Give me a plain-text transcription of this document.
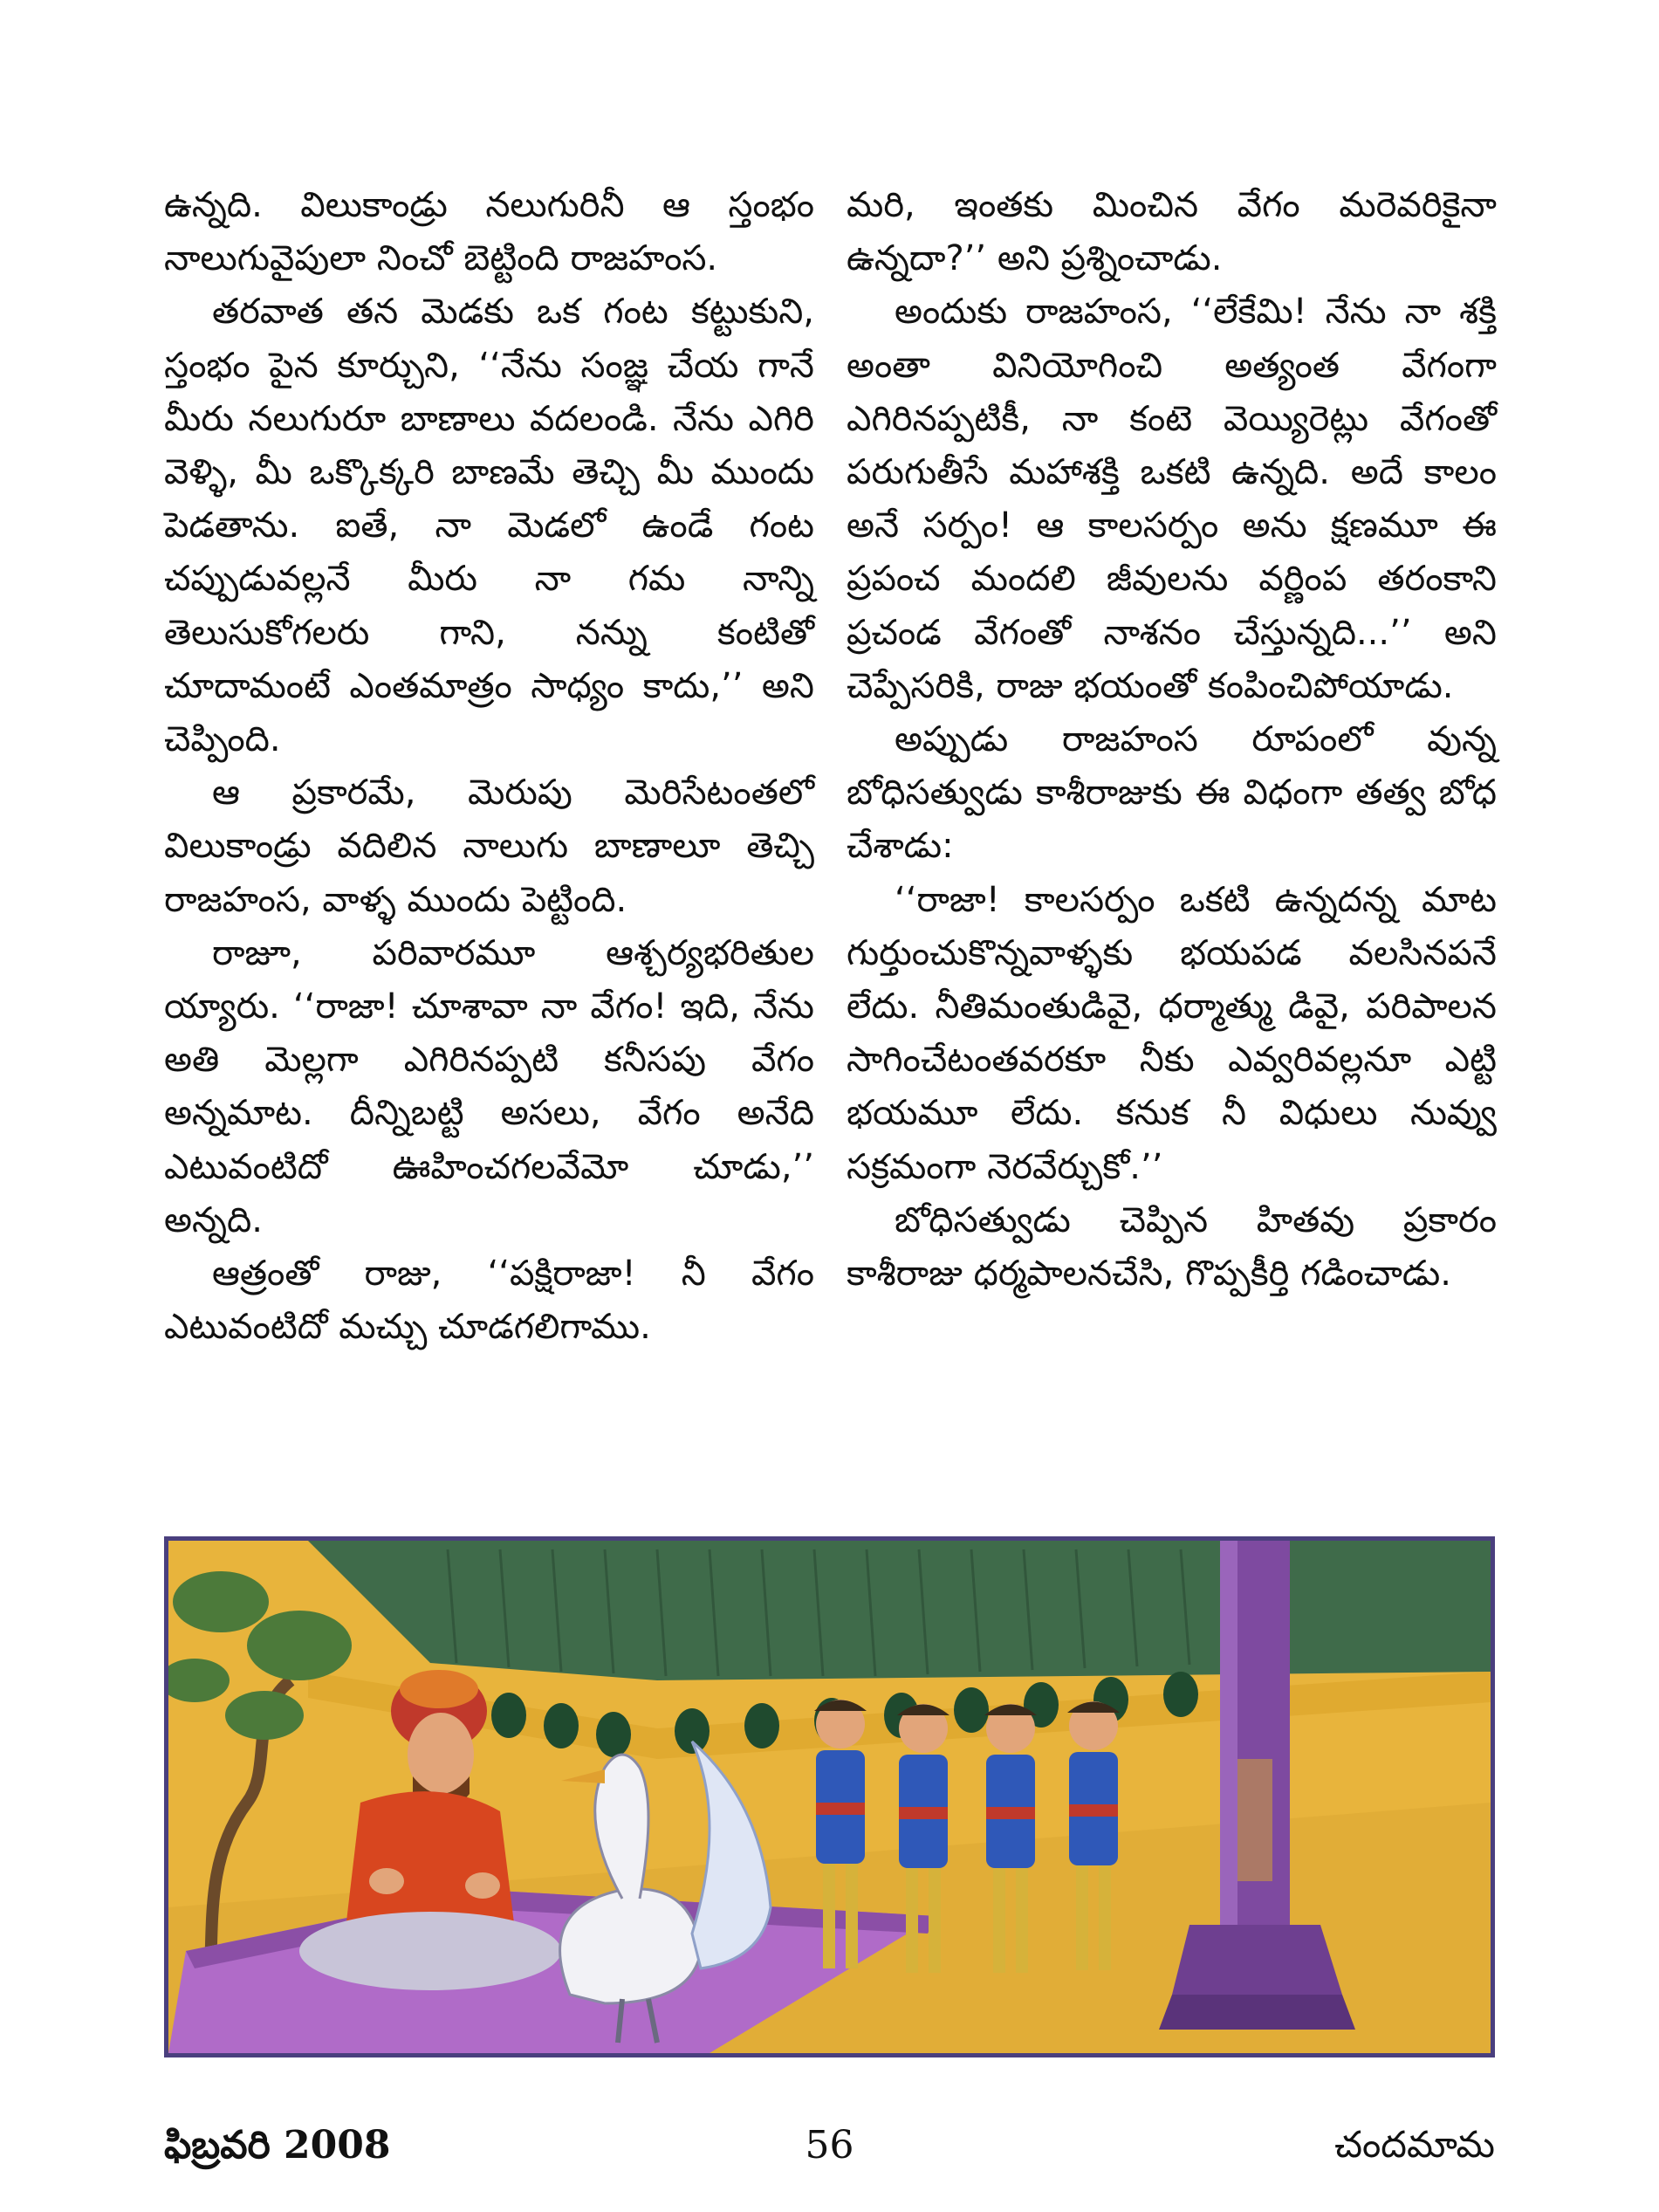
ఉన్నది. విలుకాండ్రు నలుగురినీ ఆ స్తంభం నాలుగువైపులా నించో బెట్టింది రాజహంస.

తరవాత తన మెడకు ఒక గంట కట్టుకుని, స్తంభం పైన కూర్చుని, ‘‘నేను సంజ్ఞ చేయ గానే మీరు నలుగురూ బాణాలు వదలండి. నేను ఎగిరి వెళ్ళి, మీ ఒక్కొక్కరి బాణమే తెచ్చి మీ ముందు పెడతాను. ఐతే, నా మెడలో ఉండే గంట చప్పుడువల్లనే మీరు నా గమ నాన్ని తెలుసుకోగలరు గాని, నన్ను కంటితో చూదామంటే ఎంతమాత్రం సాధ్యం కాదు,’’ అని చెప్పింది.

ఆ ప్రకారమే, మెరుపు మెరిసేటంతలో విలుకాండ్రు వదిలిన నాలుగు బాణాలూ తెచ్చి రాజహంస, వాళ్ళ ముందు పెట్టింది.

రాజూ, పరివారమూ ఆశ్చర్యభరితుల య్యారు. ‘‘రాజా! చూశావా నా వేగం! ఇది, నేను అతి మెల్లగా ఎగిరినప్పటి కనీసపు వేగం అన్నమాట. దీన్నిబట్టి అసలు, వేగం అనేది ఎటువంటిదో ఊహించగలవేమో చూడు,’’ అన్నది.

ఆత్రంతో రాజు, ‘‘పక్షిరాజా! నీ వేగం ఎటువంటిదో మచ్చు చూడగలిగాము.

మరి, ఇంతకు మించిన వేగం మరెవరికైనా ఉన్నదా?’’ అని ప్రశ్నించాడు.

అందుకు రాజహంస, ‘‘లేకేమి! నేను నా శక్తి అంతా వినియోగించి అత్యంత వేగంగా ఎగిరినప్పటికీ, నా కంటె వెయ్యిరెట్లు వేగంతో పరుగుతీసే మహాశక్తి ఒకటి ఉన్నది. అదే కాలం అనే సర్పం! ఆ కాలసర్పం అను క్షణమూ ఈ ప్రపంచ మందలి జీవులను వర్ణింప తరంకాని ప్రచండ వేగంతో నాశనం చేస్తున్నది...’’ అని చెప్పేసరికి, రాజు భయంతో కంపించిపోయాడు.

అప్పుడు రాజహంస రూపంలో వున్న బోధిసత్వుడు కాశీరాజుకు ఈ విధంగా తత్వ బోధ చేశాడు:

‘‘రాజా! కాలసర్పం ఒకటి ఉన్నదన్న మాట గుర్తుంచుకొన్నవాళ్ళకు భయపడ వలసినపనే లేదు. నీతిమంతుడివై, ధర్మాత్ము డివై, పరిపాలన సాగించేటంతవరకూ నీకు ఎవ్వరివల్లనూ ఎట్టి భయమూ లేదు. కనుక నీ విధులు నువ్వు సక్రమంగా నెరవేర్చుకో.’’

బోధిసత్వుడు చెప్పిన హితవు ప్రకారం కాశీరాజు ధర్మపాలనచేసి, గొప్పకీర్తి గడించాడు.

ఫిబ్రవరి 2008	56	చందమామ
